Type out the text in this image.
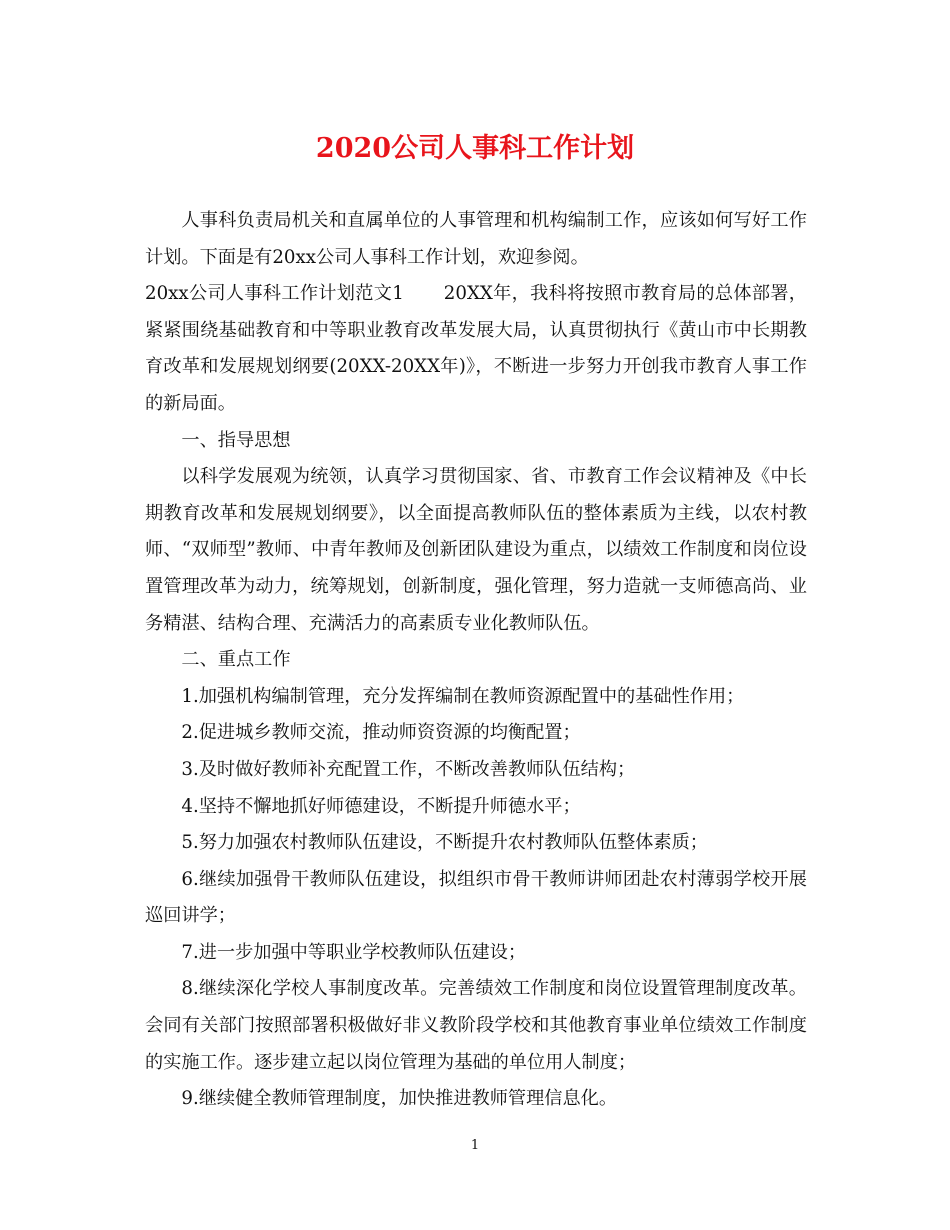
2020公司人事科工作计划

人事科负责局机关和直属单位的人事管理和机构编制工作，应该如何写好工作计划。下面是有20xx公司人事科工作计划，欢迎参阅。

20xx公司人事科工作计划范文1 20XX年，我科将按照市教育局的总体部署，紧紧围绕基础教育和中等职业教育改革发展大局，认真贯彻执行《黄山市中长期教育改革和发展规划纲要(20XX-20XX年)》，不断进一步努力开创我市教育人事工作的新局面。

一、指导思想

以科学发展观为统领，认真学习贯彻国家、省、市教育工作会议精神及《中长期教育改革和发展规划纲要》，以全面提高教师队伍的整体素质为主线，以农村教师、“双师型”教师、中青年教师及创新团队建设为重点，以绩效工作制度和岗位设置管理改革为动力，统筹规划，创新制度，强化管理，努力造就一支师德高尚、业务精湛、结构合理、充满活力的高素质专业化教师队伍。

二、重点工作

1.加强机构编制管理，充分发挥编制在教师资源配置中的基础性作用；

2.促进城乡教师交流，推动师资资源的均衡配置；

3.及时做好教师补充配置工作，不断改善教师队伍结构；

4.坚持不懈地抓好师德建设，不断提升师德水平；

5.努力加强农村教师队伍建设，不断提升农村教师队伍整体素质；

6.继续加强骨干教师队伍建设，拟组织市骨干教师讲师团赴农村薄弱学校开展巡回讲学；

7.进一步加强中等职业学校教师队伍建设；

8.继续深化学校人事制度改革。完善绩效工作制度和岗位设置管理制度改革。会同有关部门按照部署积极做好非义教阶段学校和其他教育事业单位绩效工作制度的实施工作。逐步建立起以岗位管理为基础的单位用人制度；

9.继续健全教师管理制度，加快推进教师管理信息化。

1
